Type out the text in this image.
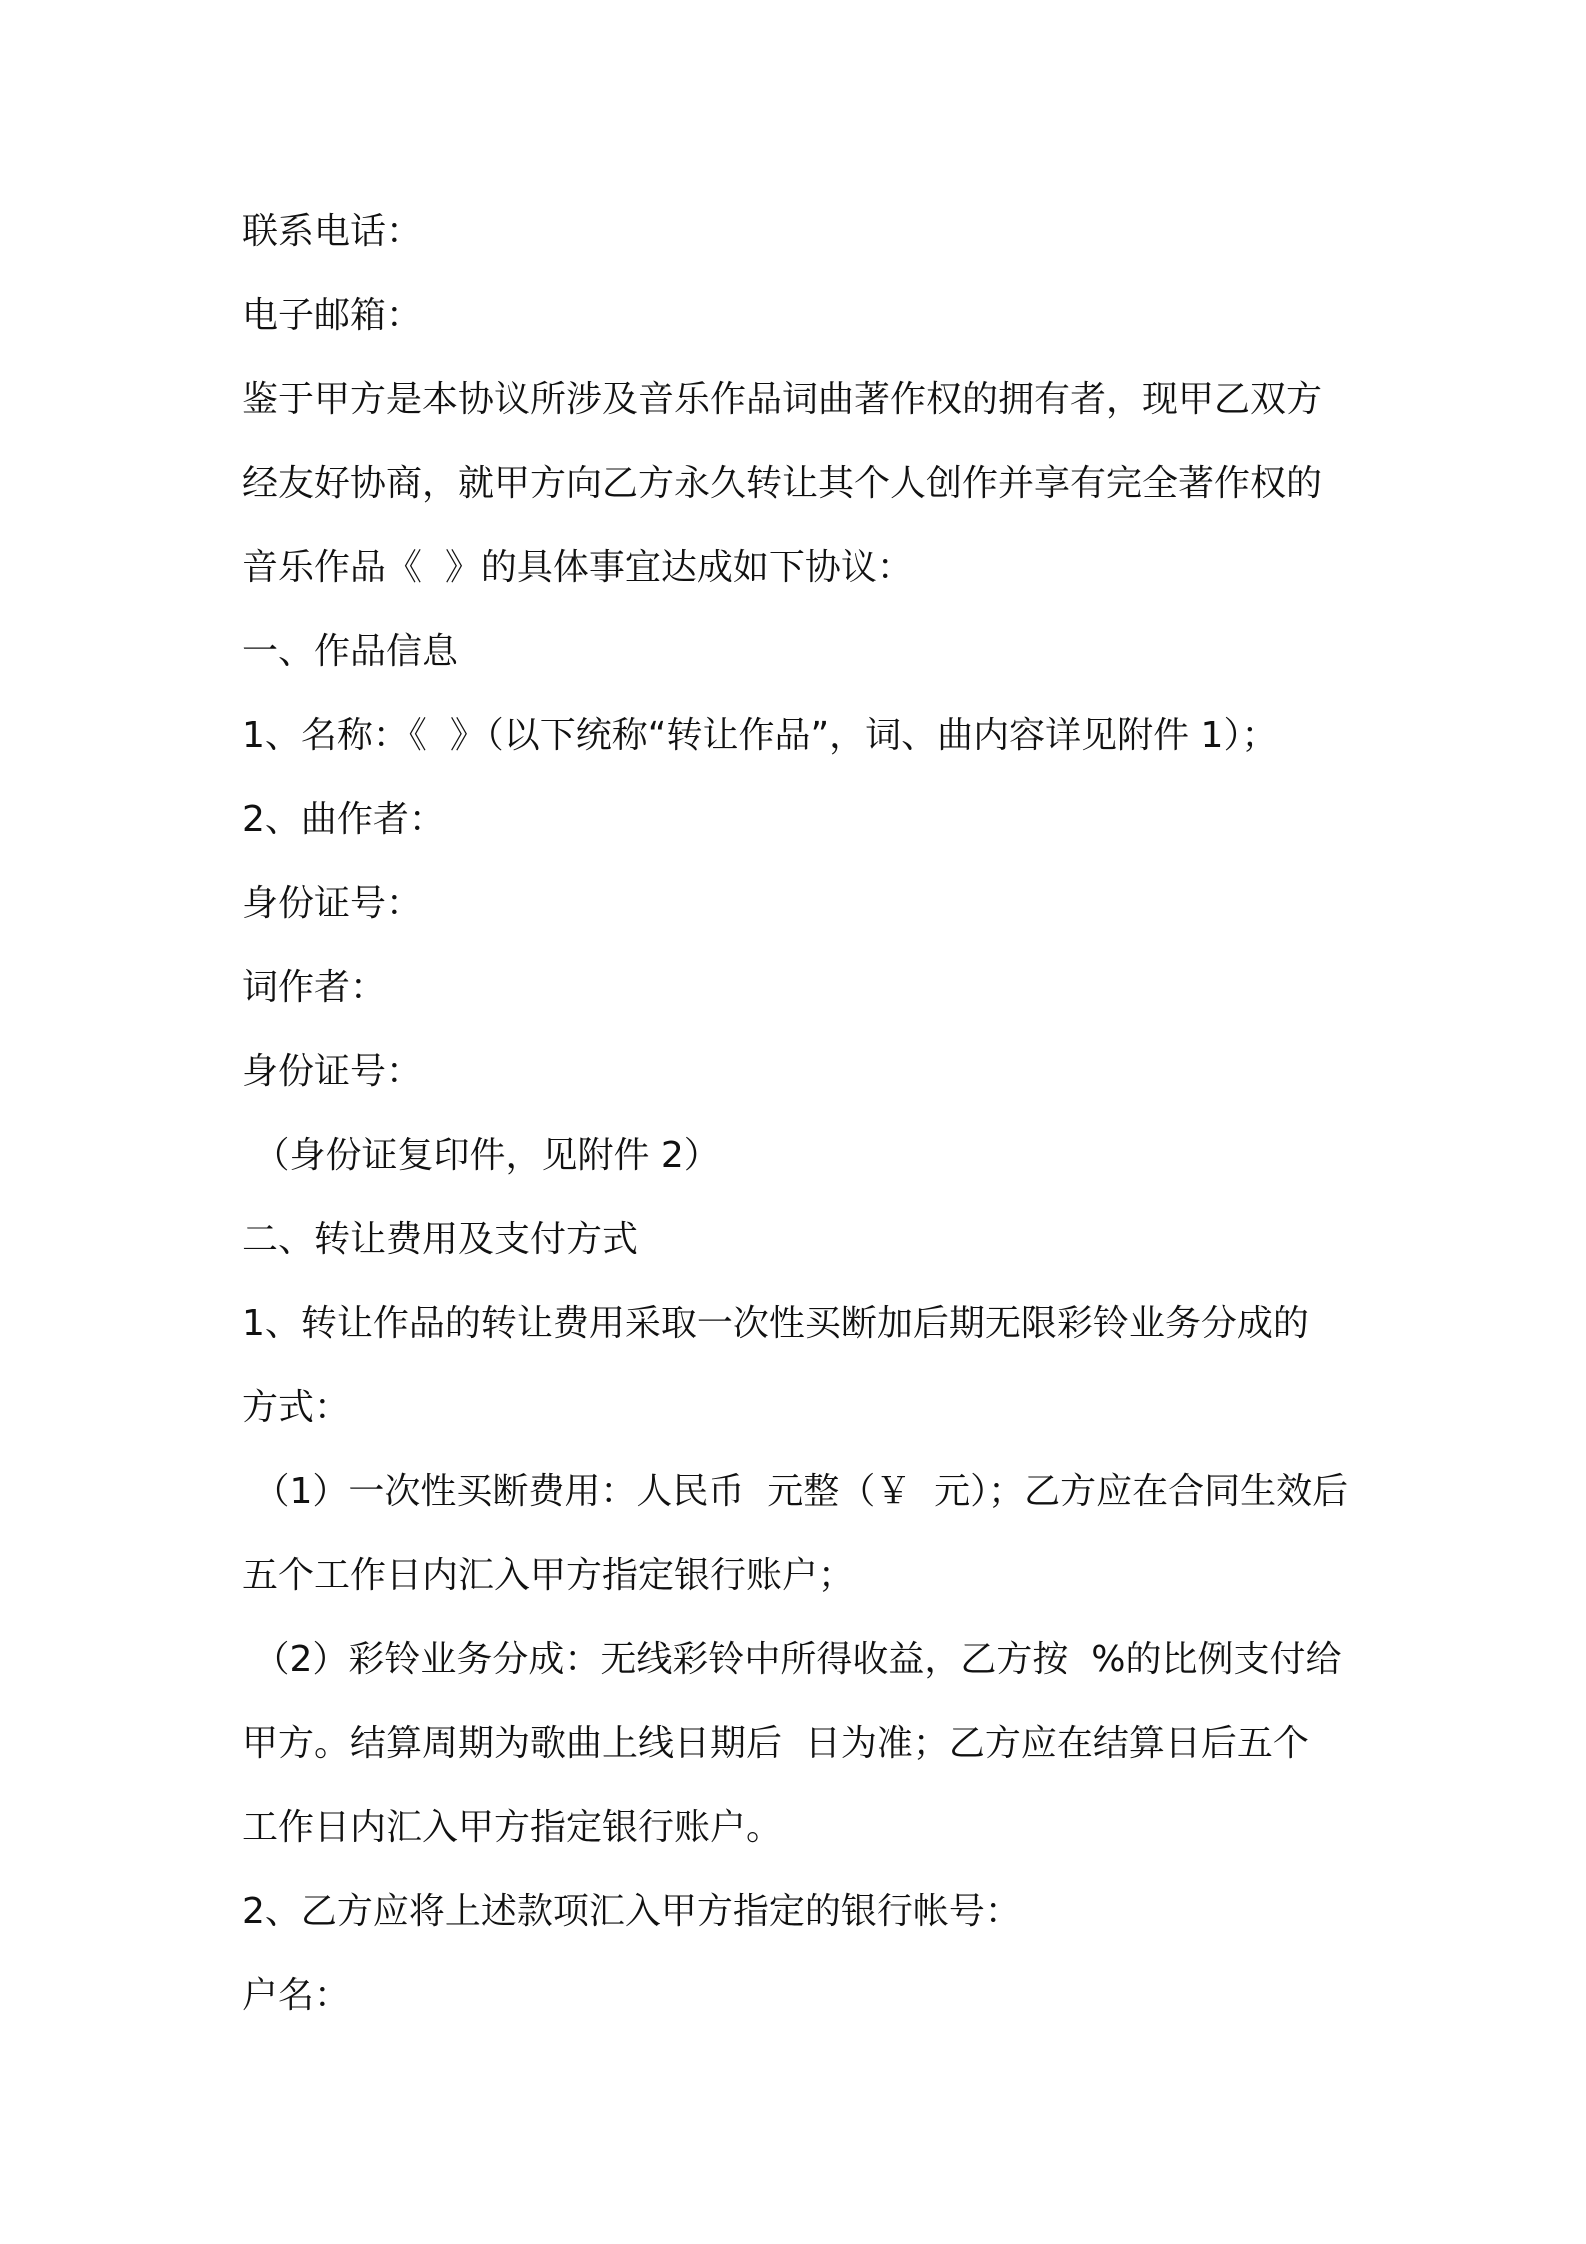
联系电话：

电子邮箱：

鉴于甲方是本协议所涉及音乐作品词曲著作权的拥有者，现甲乙双方

经友好协商，就甲方向乙方永久转让其个人创作并享有完全著作权的

音乐作品《  》的具体事宜达成如下协议：

一、作品信息

1、名称：《  》（以下统称“转让作品”，词、曲内容详见附件 1）；

2、曲作者：

身份证号：

词作者：

身份证号：

（身份证复印件，见附件 2）

二、转让费用及支付方式

1、转让作品的转让费用采取一次性买断加后期无限彩铃业务分成的

方式：

（1）一次性买断费用：人民币  元整（￥  元）；乙方应在合同生效后

五个工作日内汇入甲方指定银行账户；

（2）彩铃业务分成：无线彩铃中所得收益，乙方按  %的比例支付给

甲方。结算周期为歌曲上线日期后  日为准；乙方应在结算日后五个

工作日内汇入甲方指定银行账户。

2、乙方应将上述款项汇入甲方指定的银行帐号：

户名：
